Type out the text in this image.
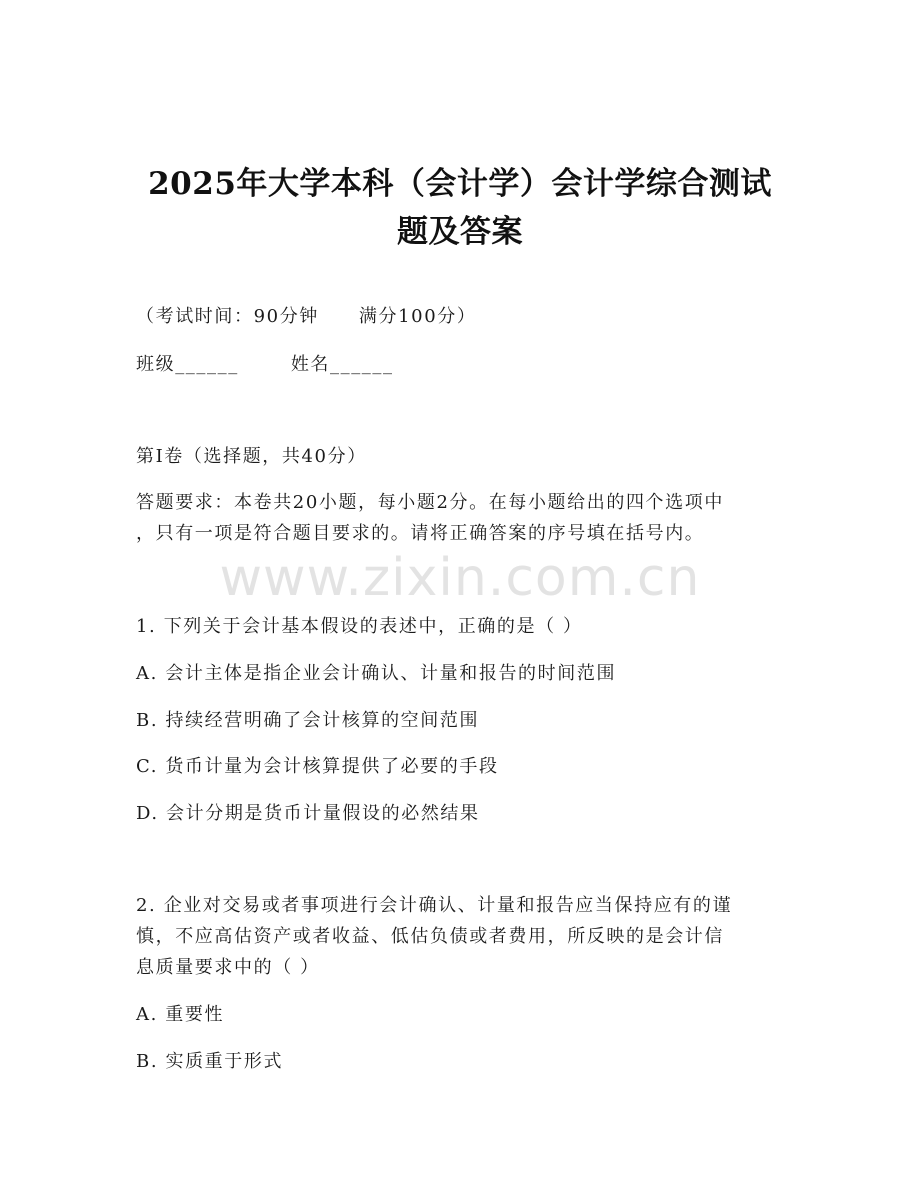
www.zixin.com.cn
2025年大学本科（会计学）会计学综合测试
题及答案
（考试时间：90分钟 满分100分）
班级______	姓名______
第I卷（选择题，共40分）
答题要求：本卷共20小题，每小题2分。在每小题给出的四个选项中
，只有一项是符合题目要求的。请将正确答案的序号填在括号内。
1. 下列关于会计基本假设的表述中，正确的是（ ）
A. 会计主体是指企业会计确认、计量和报告的时间范围
B. 持续经营明确了会计核算的空间范围
C. 货币计量为会计核算提供了必要的手段
D. 会计分期是货币计量假设的必然结果
2. 企业对交易或者事项进行会计确认、计量和报告应当保持应有的谨
慎，不应高估资产或者收益、低估负债或者费用，所反映的是会计信
息质量要求中的（ ）
A. 重要性
B. 实质重于形式
